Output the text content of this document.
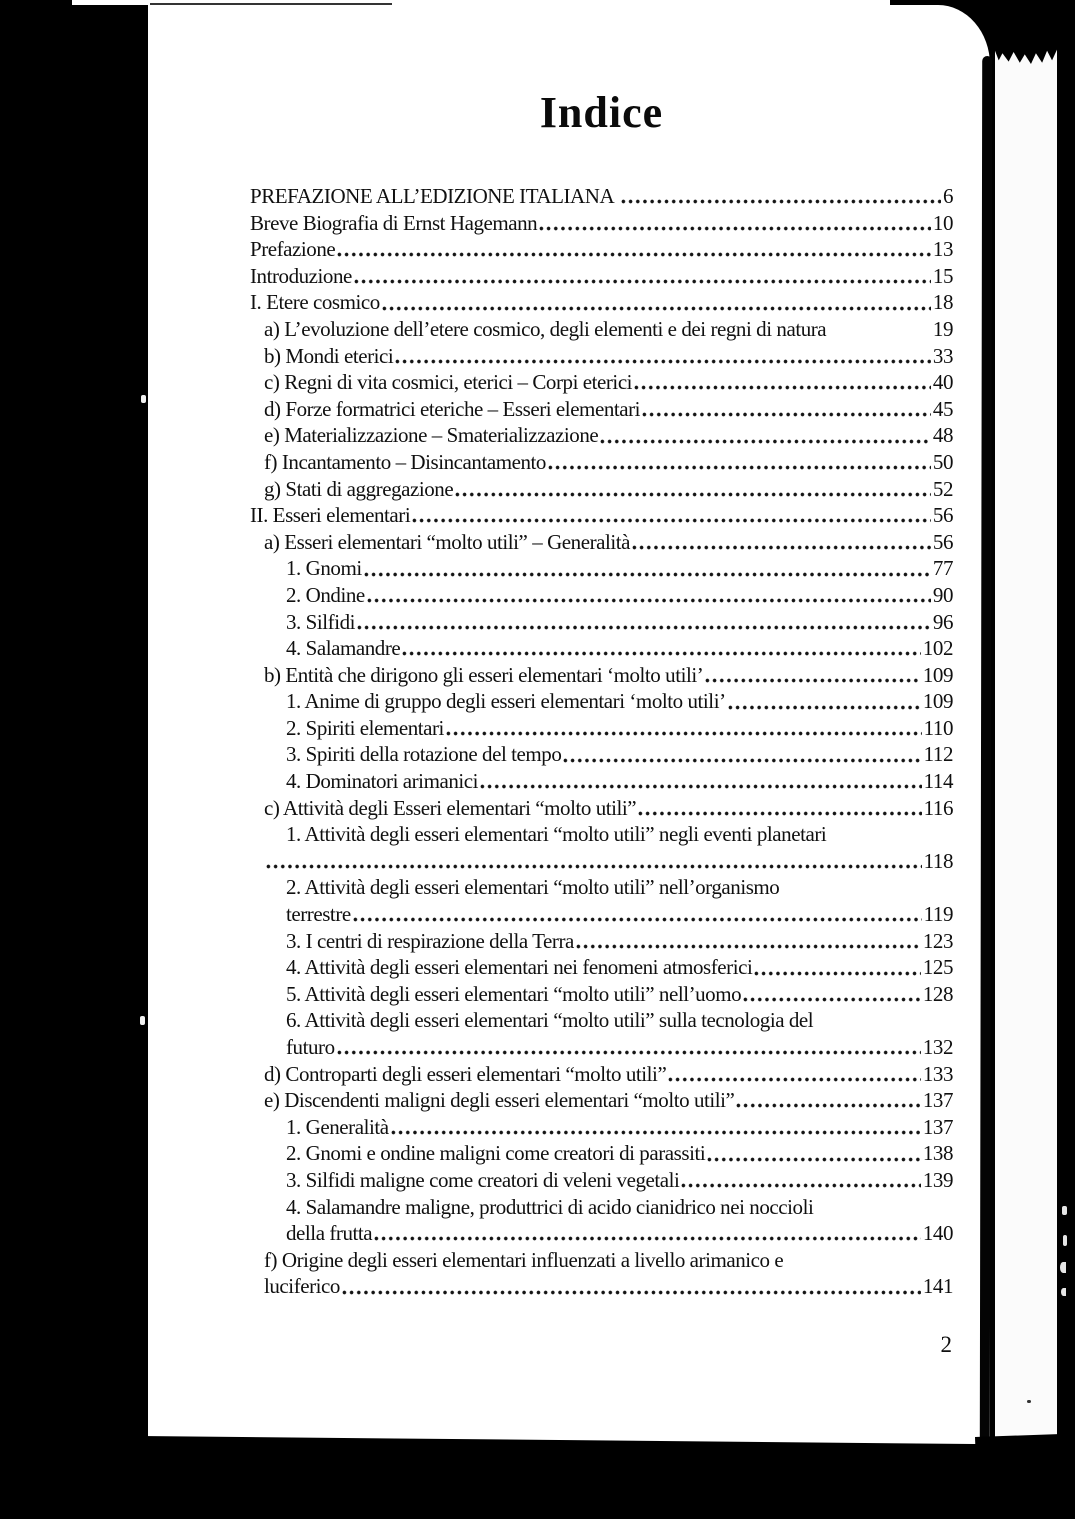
Indice
PREFAZIONE ALL’EDIZIONE ITALIANA	6
Breve Biografia di Ernst Hagemann	10
Prefazione	13
Introduzione	15
I. Etere cosmico	18
a) L’evoluzione dell’etere cosmico, degli elementi e dei regni di natura	19
b) Mondi eterici	33
c) Regni di vita cosmici, eterici – Corpi eterici	40
d) Forze formatrici eteriche – Esseri elementari	45
e) Materializzazione – Smaterializzazione	48
f) Incantamento – Disincantamento	50
g) Stati di aggregazione	52
II. Esseri elementari	56
a) Esseri elementari “molto utili” – Generalità	56
1. Gnomi	77
2. Ondine	90
3. Silfidi	96
4. Salamandre	102
b) Entità che dirigono gli esseri elementari ‘molto utili’	109
1. Anime di gruppo degli esseri elementari ‘molto utili’	109
2. Spiriti elementari	110
3. Spiriti della rotazione del tempo	112
4. Dominatori arimanici	114
c) Attività degli Esseri elementari “molto utili”	116
1. Attività degli esseri elementari “molto utili” negli eventi planetari
118
2. Attività degli esseri elementari “molto utili” nell’organismo
terrestre	119
3. I centri di respirazione della Terra	123
4. Attività degli esseri elementari nei fenomeni atmosferici	125
5. Attività degli esseri elementari “molto utili” nell’uomo	128
6. Attività degli esseri elementari “molto utili” sulla tecnologia del
futuro	132
d) Controparti degli esseri elementari “molto utili”	133
e) Discendenti maligni degli esseri elementari “molto utili”	137
1. Generalità	137
2. Gnomi e ondine maligni come creatori di parassiti	138
3. Silfidi maligne come creatori di veleni vegetali	139
4. Salamandre maligne, produttrici di acido cianidrico nei noccioli
della frutta	140
f) Origine degli esseri elementari influenzati a livello arimanico e
luciferico	141
2
